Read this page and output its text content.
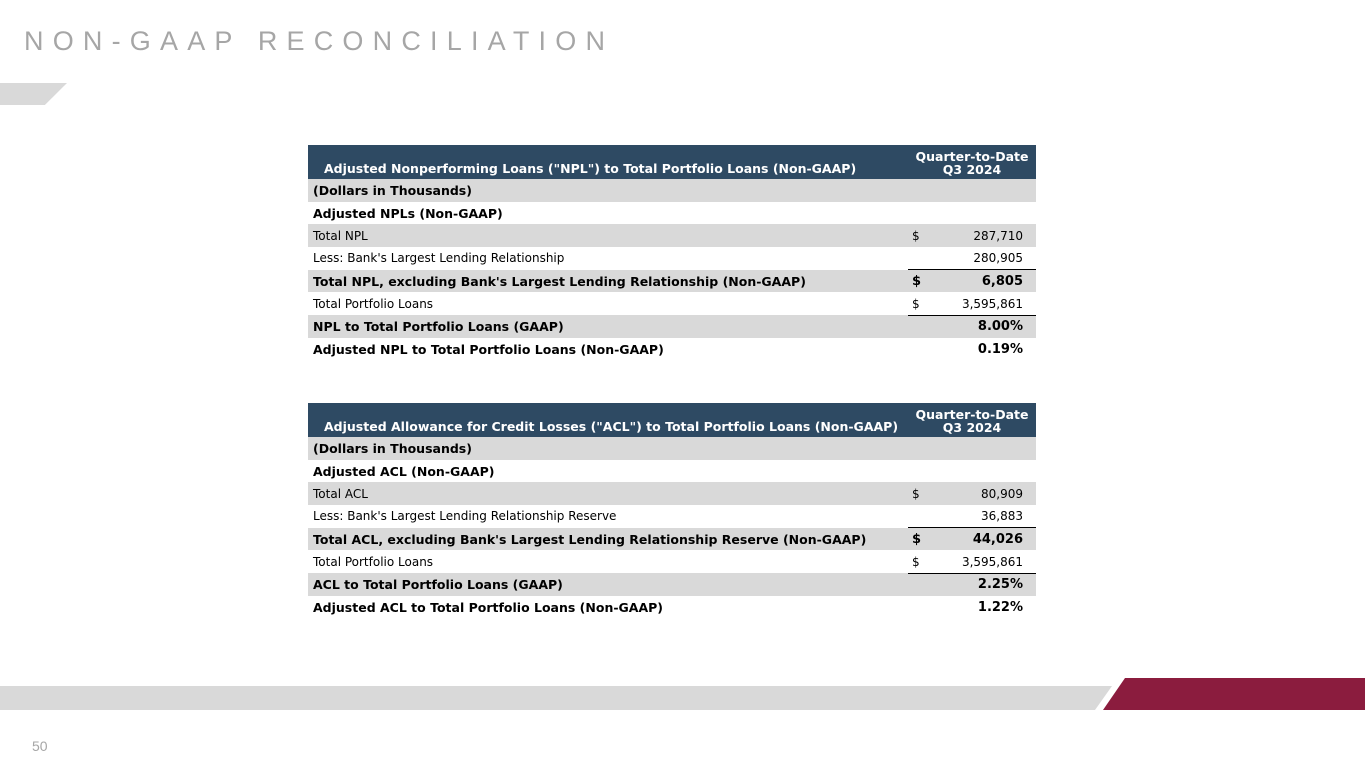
NON-GAAP RECONCILIATION
Adjusted Nonperforming Loans ("NPL") to Total Portfolio Loans (Non-GAAP)	Quarter-to-Date
Q3 2024	

(Dollars in Thousands)		
Adjusted NPLs (Non-GAAP)		
Total NPL	$	287,710
Less: Bank's Largest Lending Relationship		280,905
Total NPL, excluding Bank's Largest Lending Relationship (Non-GAAP)	$	6,805
Total Portfolio Loans	$	3,595,861
NPL to Total Portfolio Loans (GAAP)		8.00%
Adjusted NPL to Total Portfolio Loans (Non-GAAP)		0.19%
Adjusted Allowance for Credit Losses ("ACL") to Total Portfolio Loans (Non-GAAP)	Quarter-to-Date
Q3 2024	

(Dollars in Thousands)		
Adjusted ACL (Non-GAAP)		
Total ACL	$	80,909
Less: Bank's Largest Lending Relationship Reserve		36,883
Total ACL, excluding Bank's Largest Lending Relationship Reserve (Non-GAAP)	$	44,026
Total Portfolio Loans	$	3,595,861
ACL to Total Portfolio Loans (GAAP)		2.25%
Adjusted ACL to Total Portfolio Loans (Non-GAAP)		1.22%
50
